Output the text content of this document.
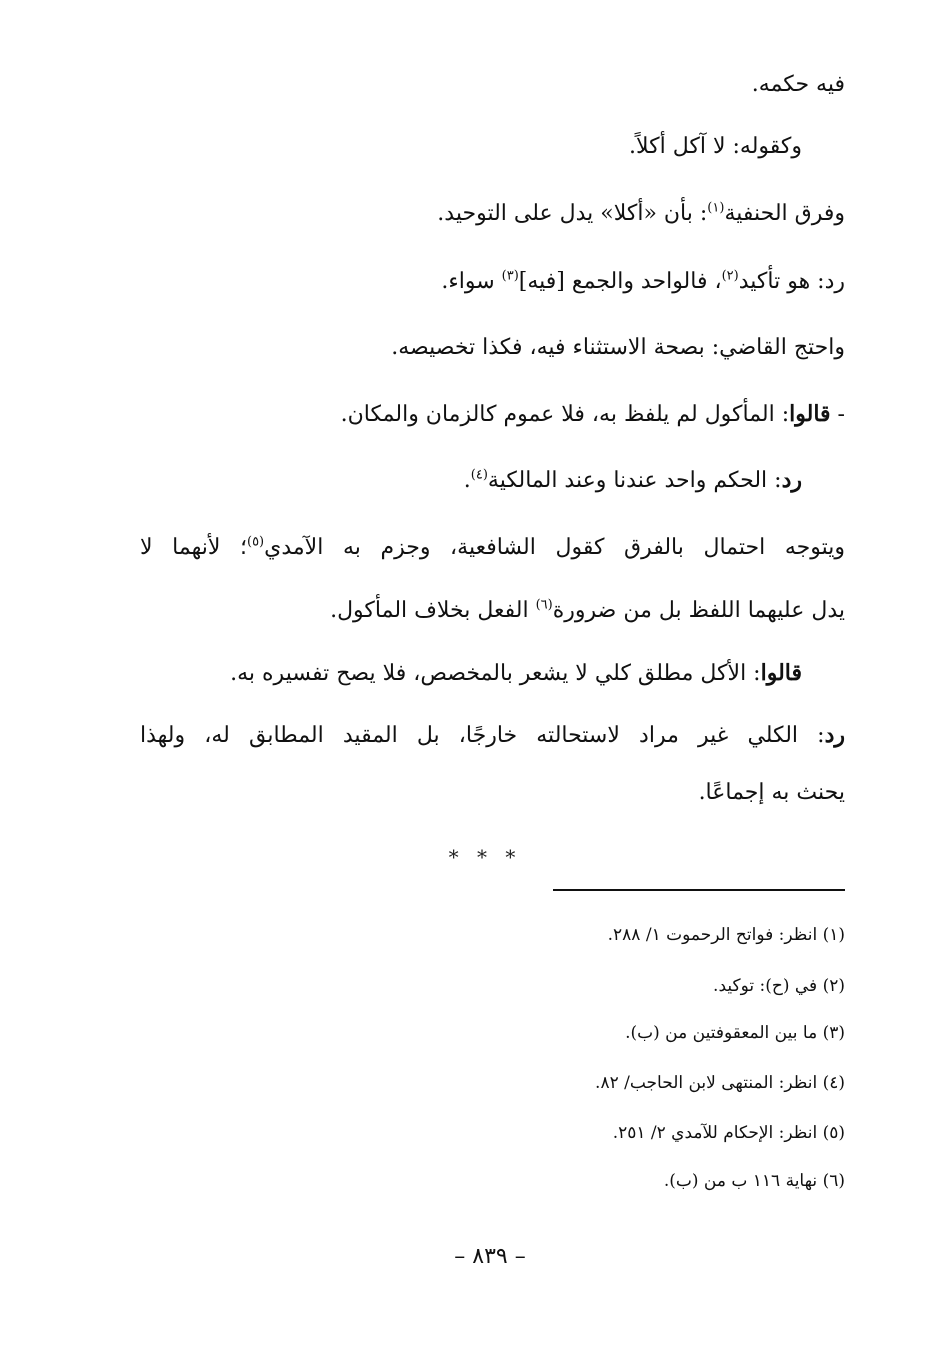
فيه حكمه.
وكقوله: لا آكل أكلاً.
وفرق الحنفية$^{(١)}$: بأن «أكلا» يدل على التوحيد.
رد: هو تأكيد$^{(٢)}$، فالواحد والجمع [فيه]$^{(٣)}$ سواء.
واحتج القاضي: بصحة الاستثناء فيه، فكذا تخصيصه.
- قالوا: المأكول لم يلفظ به، فلا عموم كالزمان والمكان.
رد: الحكم واحد عندنا وعند المالكية$^{(٤)}$.
ويتوجه احتمال بالفرق كقول الشافعية، وجزم به الآمدي$^{(٥)}$؛ لأنهما لا
يدل عليهما اللفظ بل من ضرورة$^{(٦)}$ الفعل بخلاف المأكول.
قالوا: الأكل مطلق كلي لا يشعر بالمخصص، فلا يصح تفسيره به.
رد: الكلي غير مراد لاستحالته خارجًا، بل المقيد المطابق له، ولهذا
يحنث به إجماعًا.
* * *
(١) انظر: فواتح الرحموت ١/ ٢٨٨.
(٢) في (ح): توكيد.
(٣) ما بين المعقوفتين من (ب).
(٤) انظر: المنتهى لابن الحاجب/ ٨٢.
(٥) انظر: الإحكام للآمدي ٢/ ٢٥١.
(٦) نهاية ١١٦ ب من (ب).
– ٨٣٩ –
